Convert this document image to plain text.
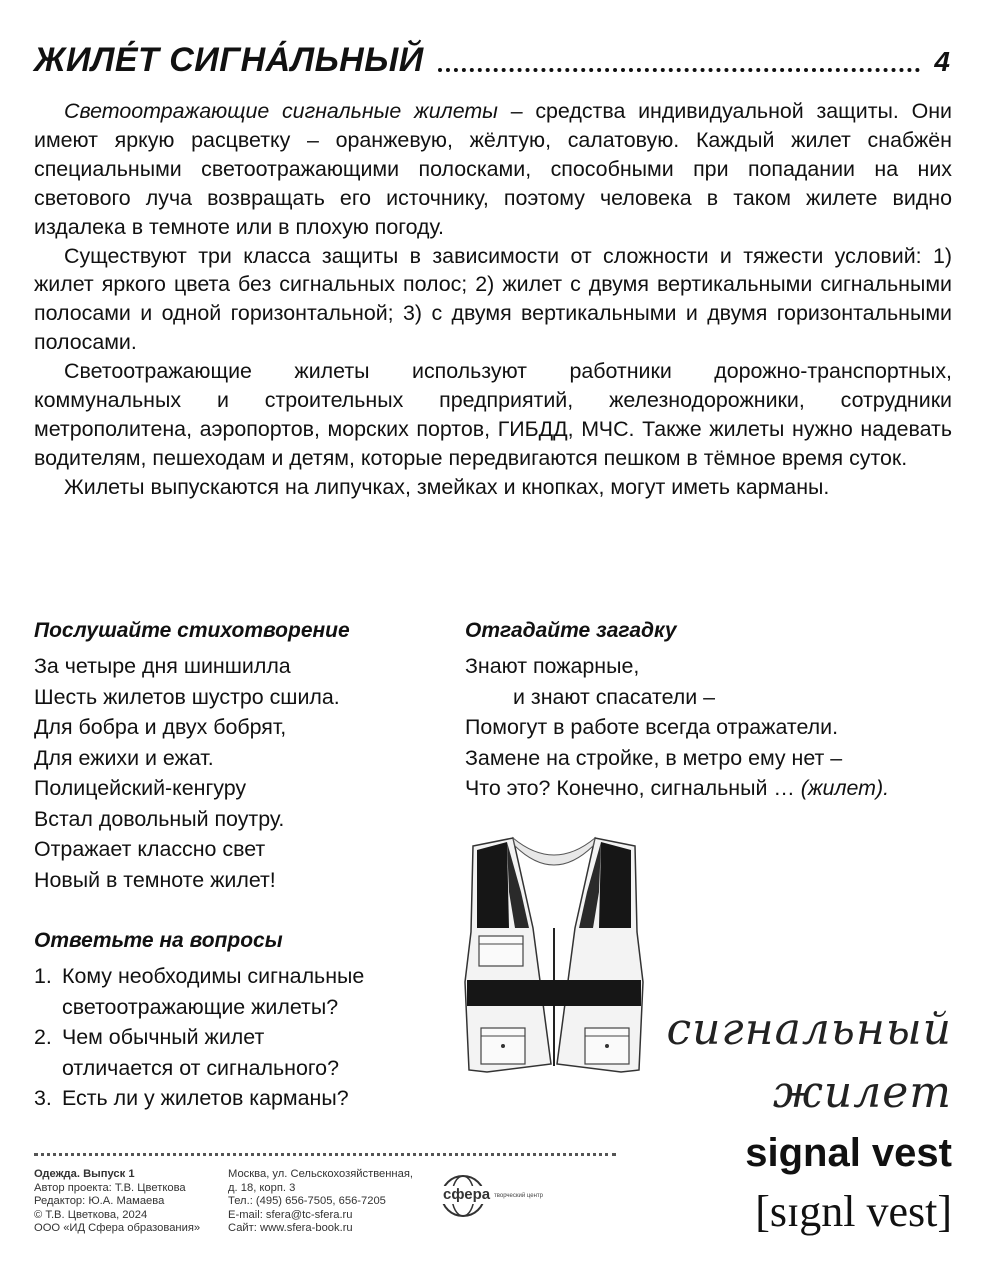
ЖИЛЕ́Т СИГНА́ЛЬНЫЙ	4

Светоотражающие сигнальные жилеты – средства индивидуальной защиты. Они имеют яркую расцветку – оранжевую, жёлтую, салатовую. Каждый жилет снабжён специальными светоотражающими полосками, способными при попадании на них светового луча возвращать его источнику, поэтому человека в таком жилете видно издалека в темноте или в плохую погоду.

Существуют три класса защиты в зависимости от сложности и тяжести условий: 1) жилет яркого цвета без сигнальных полос; 2) жилет с двумя вертикальными сигнальными полосами и одной горизонтальной; 3) с двумя вертикальными и двумя горизонтальными полосами.

Светоотражающие жилеты используют работники дорожно-транспортных, коммунальных и строительных предприятий, железнодорожники, сотрудники метрополитена, аэропортов, морских портов, ГИБДД, МЧС. Также жилеты нужно надевать водителям, пешеходам и детям, которые передвигаются пешком в тёмное время суток.

Жилеты выпускаются на липучках, змейках и кнопках, могут иметь карманы.

Послушайте стихотворение
За четыре дня шиншилла
Шесть жилетов шустро сшила.
Для бобра и двух бобрят,
Для ежихи и ежат.
Полицейский-кенгуру
Встал довольный поутру.
Отражает классно свет
Новый в темноте жилет!
Отгадайте загадку
Знают пожарные,
и знают спасатели –
Помогут в работе всегда отражатели.
Замене на стройке, в метро ему нет –
Что это? Конечно, сигнальный … (жилет).
Ответьте на вопросы
1. Кому необходимы сигнальные
светоотражающие жилеты?
2. Чем обычный жилет
отличается от сигнального?
3. Есть ли у жилетов карманы?
сигнальный
жилет
signal vest
[sɪgnl vest]
Одежда. Выпуск 1
Автор проекта: Т.В. Цветкова
Редактор: Ю.А. Мамаева
© Т.В. Цветкова, 2024
ООО «ИД Сфера образования»
Москва, ул. Сельскохозяйственная,
д. 18, корп. 3
Тел.: (495) 656-7505, 656-7205
E-mail: sfera@tc-sfera.ru
Сайт: www.sfera-book.ru
сфера творческий центр
